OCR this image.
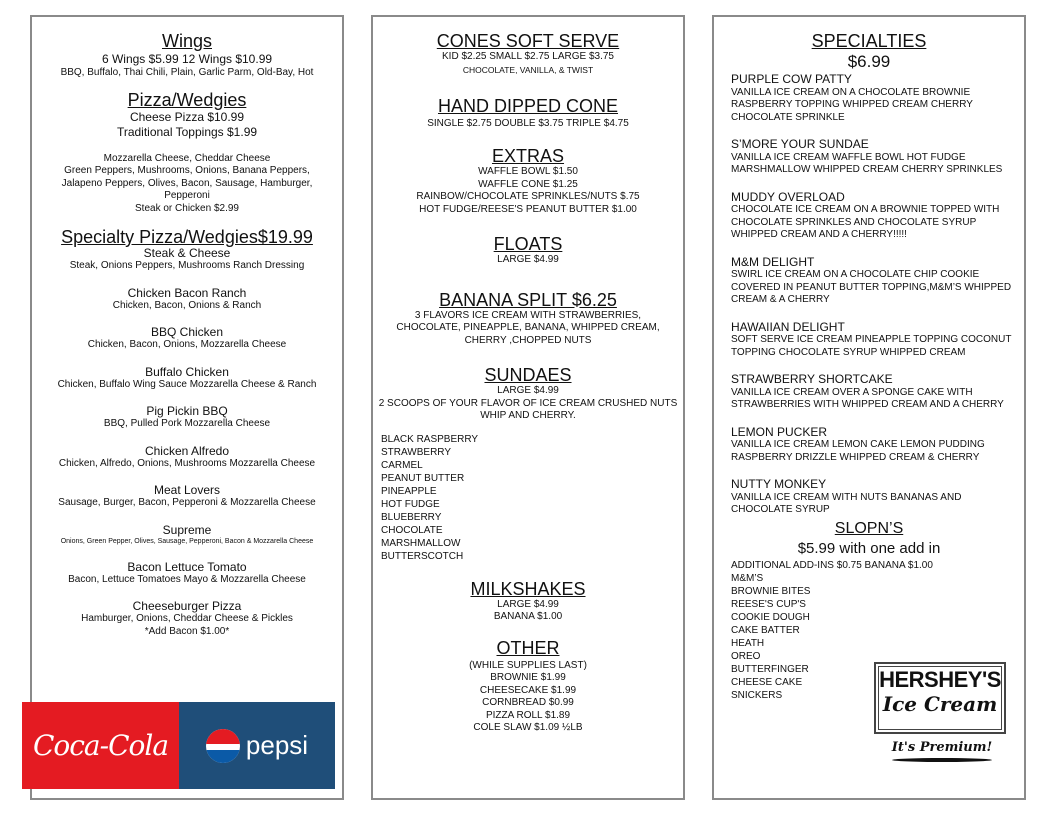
Wings

6 Wings $5.99 12 Wings $10.99

BBQ, Buffalo, Thai Chili, Plain, Garlic Parm, Old-Bay, Hot

Pizza/Wedgies

Cheese Pizza $10.99

Traditional Toppings $1.99

Mozzarella Cheese, Cheddar Cheese

Green Peppers, Mushrooms, Onions, Banana Peppers,

Jalapeno Peppers, Olives, Bacon, Sausage, Hamburger,

Pepperoni

Steak or Chicken $2.99

Specialty Pizza/Wedgies$19.99

Steak & Cheese

Steak, Onions Peppers, Mushrooms Ranch Dressing

Chicken Bacon Ranch

Chicken, Bacon, Onions & Ranch

BBQ Chicken

Chicken, Bacon, Onions, Mozzarella Cheese

Buffalo Chicken

Chicken, Buffalo Wing Sauce Mozzarella Cheese & Ranch

Pig Pickin BBQ

BBQ, Pulled Pork Mozzarella Cheese

Chicken Alfredo

Chicken, Alfredo, Onions, Mushrooms Mozzarella Cheese

Meat Lovers

Sausage, Burger, Bacon, Pepperoni & Mozzarella Cheese

Supreme

Onions, Green Pepper, Olives, Sausage, Pepperoni, Bacon & Mozzarella Cheese

Bacon Lettuce Tomato

Bacon, Lettuce Tomatoes Mayo & Mozzarella Cheese

Cheeseburger Pizza

Hamburger, Onions, Cheddar Cheese & Pickles

*Add Bacon $1.00*

Coca-Cola	pepsi

CONES SOFT SERVE

KID $2.25 SMALL $2.75 LARGE $3.75

CHOCOLATE, VANILLA, & TWIST

HAND DIPPED CONE

SINGLE $2.75 DOUBLE $3.75 TRIPLE $4.75

EXTRAS

WAFFLE BOWL $1.50

WAFFLE CONE $1.25

RAINBOW/CHOCOLATE SPRINKLES/NUTS $.75

HOT FUDGE/REESE'S PEANUT BUTTER $1.00

FLOATS

LARGE $4.99

BANANA SPLIT $6.25

3 FLAVORS ICE CREAM WITH STRAWBERRIES,

CHOCOLATE, PINEAPPLE, BANANA, WHIPPED CREAM,

CHERRY ,CHOPPED NUTS

SUNDAES

LARGE $4.99

2 SCOOPS OF YOUR FLAVOR OF ICE CREAM CRUSHED NUTS

WHIP AND CHERRY.

BLACK RASPBERRY
STRAWBERRY
CARMEL
PEANUT BUTTER
PINEAPPLE
HOT FUDGE
BLUEBERRY
CHOCOLATE
MARSHMALLOW
BUTTERSCOTCH

MILKSHAKES

LARGE $4.99

BANANA $1.00

OTHER

(WHILE SUPPLIES LAST)

BROWNIE $1.99

CHEESECAKE $1.99

CORNBREAD $0.99

PIZZA ROLL $1.89

COLE SLAW $1.09 ½LB

SPECIALTIES

$6.99

PURPLE COW PATTY

VANILLA ICE CREAM ON A CHOCOLATE BROWNIE

RASPBERRY TOPPING WHIPPED CREAM CHERRY

CHOCOLATE SPRINKLE

S’MORE YOUR SUNDAE

VANILLA ICE CREAM WAFFLE BOWL HOT FUDGE

MARSHMALLOW WHIPPED CREAM CHERRY SPRINKLES

MUDDY OVERLOAD

CHOCOLATE ICE CREAM ON A BROWNIE TOPPED WITH

CHOCOLATE SPRINKLES AND CHOCOLATE SYRUP

WHIPPED CREAM AND A CHERRY!!!!!

M&M DELIGHT

SWIRL ICE CREAM ON A CHOCOLATE CHIP COOKIE

COVERED IN PEANUT BUTTER TOPPING,M&M’S WHIPPED

CREAM & A CHERRY

HAWAIIAN DELIGHT

SOFT SERVE ICE CREAM PINEAPPLE TOPPING COCONUT

TOPPING CHOCOLATE SYRUP WHIPPED CREAM

STRAWBERRY SHORTCAKE

VANILLA ICE CREAM OVER A SPONGE CAKE WITH

STRAWBERRIES WITH WHIPPED CREAM AND A CHERRY

LEMON PUCKER

VANILLA ICE CREAM LEMON CAKE LEMON PUDDING

RASPBERRY DRIZZLE WHIPPED CREAM & CHERRY

NUTTY MONKEY

VANILLA ICE CREAM WITH NUTS BANANAS AND

CHOCOLATE SYRUP

SLOPN’S

$5.99 with one add in

ADDITIONAL ADD-INS $0.75 BANANA $1.00
M&M’S
BROWNIE BITES
REESE'S CUP'S
COOKIE DOUGH
CAKE BATTER
HEATH
OREO
BUTTERFINGER
CHEESE CAKE
SNICKERS
HERSHEY'S
Ice Cream
It's Premium!
